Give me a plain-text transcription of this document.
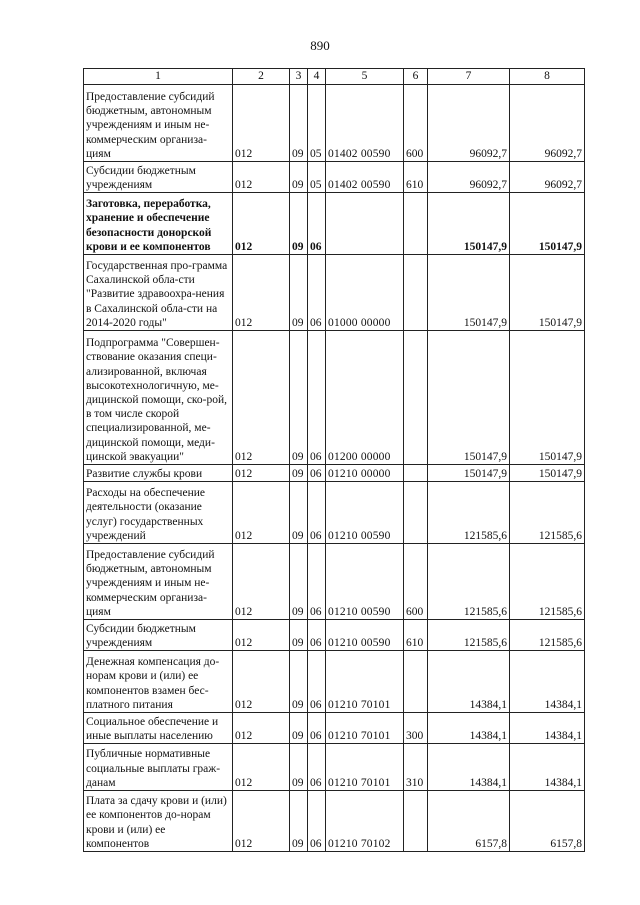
890
1	2	3	4	5	6	7	8
Предоставление субсидий бюджетным, автономным учреждениям и иным не-коммерческим организа-циям	012	09	05	01402 00590	600	96092,7	96092,7
Субсидии бюджетным учреждениям	012	09	05	01402 00590	610	96092,7	96092,7
Заготовка, переработка, хранение и обеспечение безопасности донорской крови и ее компонентов	012	09	06			150147,9	150147,9
Государственная про-грамма Сахалинской обла-сти "Развитие здравоохра-нения в Сахалинской обла-сти на 2014-2020 годы"	012	09	06	01000 00000		150147,9	150147,9
Подпрограмма "Совершен-ствование оказания специ-ализированной, включая высокотехнологичную, ме-дицинской помощи, ско-рой, в том числе скорой специализированной, ме-дицинской помощи, меди-цинской эвакуации"	012	09	06	01200 00000		150147,9	150147,9
Развитие службы крови	012	09	06	01210 00000		150147,9	150147,9
Расходы на обеспечение деятельности (оказание услуг) государственных учреждений	012	09	06	01210 00590		121585,6	121585,6
Предоставление субсидий бюджетным, автономным учреждениям и иным не-коммерческим организа-циям	012	09	06	01210 00590	600	121585,6	121585,6
Субсидии бюджетным учреждениям	012	09	06	01210 00590	610	121585,6	121585,6
Денежная компенсация до-норам крови и (или) ее компонентов взамен бес-платного питания	012	09	06	01210 70101		14384,1	14384,1
Социальное обеспечение и иные выплаты населению	012	09	06	01210 70101	300	14384,1	14384,1
Публичные нормативные социальные выплаты граж-данам	012	09	06	01210 70101	310	14384,1	14384,1
Плата за сдачу крови и (или) ее компонентов до-норам крови и (или) ее компонентов	012	09	06	01210 70102		6157,8	6157,8
